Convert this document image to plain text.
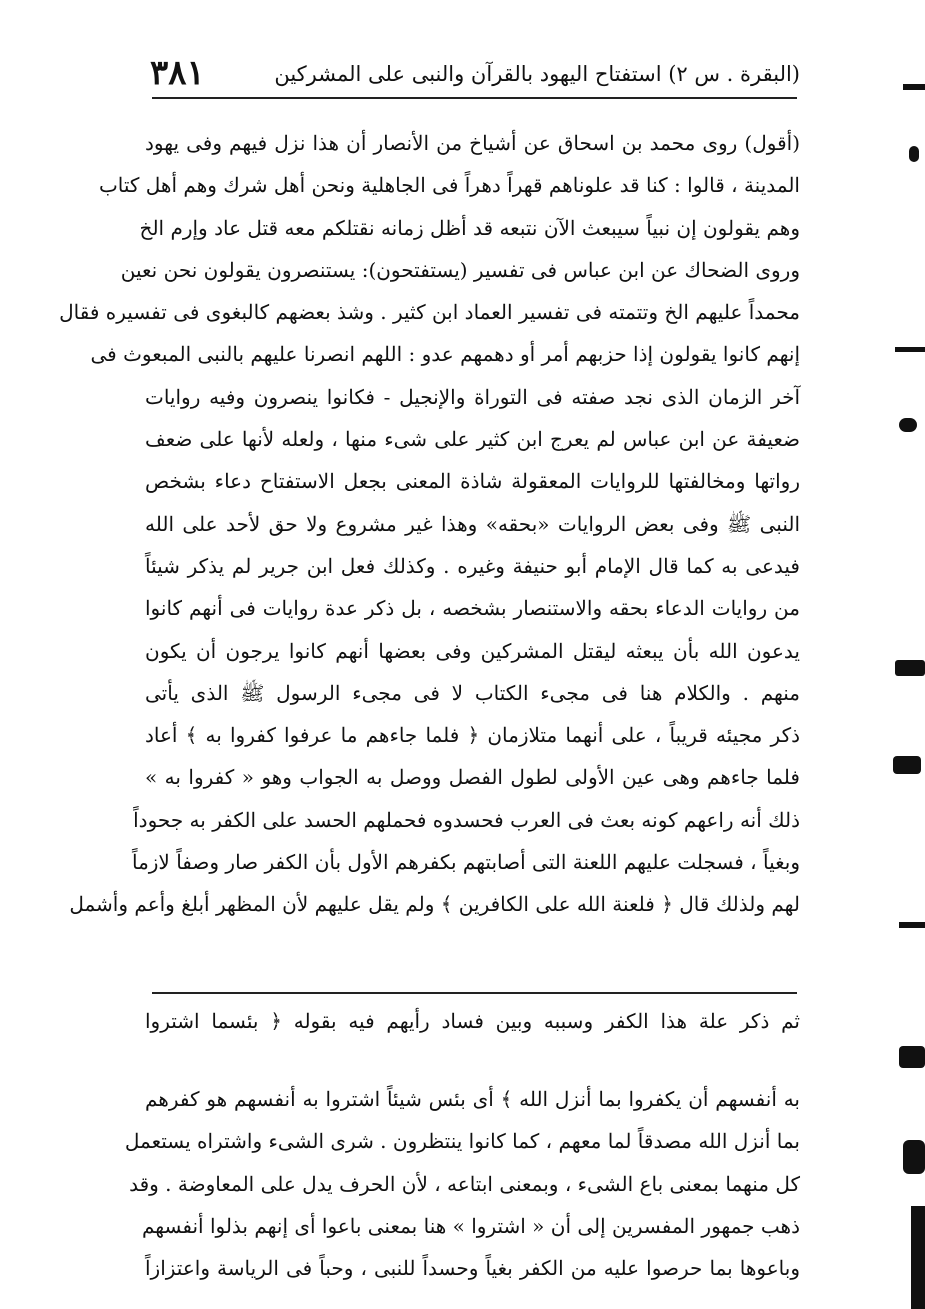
٣٨١	(البقرة . س ٢) استفتاح اليهود بالقرآن والنبى على المشركين
(أقول) روى محمد بن اسحاق عن أشياخ من الأنصار أن هذا نزل فيهم وفى يهود
المدينة ، قالوا : كنا قد علوناهم قهراً دهراً فى الجاهلية ونحن أهل شرك وهم أهل كتاب
وهم يقولون إن نبياً سيبعث الآن نتبعه قد أظل زمانه نقتلكم معه قتل عاد وإرم الخ
وروى الضحاك عن ابن عباس فى تفسير (يستفتحون): يستنصرون يقولون نحن نعين
محمداً عليهم الخ وتتمته فى تفسير العماد ابن كثير . وشذ بعضهم كالبغوى فى تفسيره فقال
إنهم كانوا يقولون إذا حزبهم أمر أو دهمهم عدو : اللهم انصرنا عليهم بالنبى المبعوث فى
آخر الزمان الذى نجد صفته فى التوراة والإنجيل - فكانوا ينصرون وفيه روايات
ضعيفة عن ابن عباس لم يعرج ابن كثير على شىء منها ، ولعله لأنها على ضعف
رواتها ومخالفتها للروايات المعقولة شاذة المعنى بجعل الاستفتاح دعاء بشخص
النبى ﷺ وفى بعض الروايات «بحقه» وهذا غير مشروع ولا حق لأحد على الله
فيدعى به كما قال الإمام أبو حنيفة وغيره . وكذلك فعل ابن جرير لم يذكر شيئاً
من روايات الدعاء بحقه والاستنصار بشخصه ، بل ذكر عدة روايات فى أنهم كانوا
يدعون الله بأن يبعثه ليقتل المشركين وفى بعضها أنهم كانوا يرجون أن يكون
منهم . والكلام هنا فى مجىء الكتاب لا فى مجىء الرسول ﷺ الذى يأتى
ذكر مجيئه قريباً ، على أنهما متلازمان ﴿ فلما جاءهم ما عرفوا كفروا به ﴾ أعاد
فلما جاءهم وهى عين الأولى لطول الفصل ووصل به الجواب وهو « كفروا به »
ذلك أنه راعهم كونه بعث فى العرب فحسدوه فحملهم الحسد على الكفر به جحوداً
وبغياً ، فسجلت عليهم اللعنة التى أصابتهم بكفرهم الأول بأن الكفر صار وصفاً لازماً
لهم ولذلك قال ﴿ فلعنة الله على الكافرين ﴾ ولم يقل عليهم لأن المظهر أبلغ وأعم وأشمل
ثم ذكر علة هذا الكفر وسببه وبين فساد رأيهم فيه بقوله ﴿ بئسما اشتروا
به أنفسهم أن يكفروا بما أنزل الله ﴾ أى بئس شيئاً اشتروا به أنفسهم هو كفرهم
بما أنزل الله مصدقاً لما معهم ، كما كانوا ينتظرون . شرى الشىء واشتراه يستعمل
كل منهما بمعنى باع الشىء ، وبمعنى ابتاعه ، لأن الحرف يدل على المعاوضة . وقد
ذهب جمهور المفسرين إلى أن « اشتروا » هنا بمعنى باعوا أى إنهم بذلوا أنفسهم
وباعوها بما حرصوا عليه من الكفر بغياً وحسداً للنبى ، وحباً فى الرياسة واعتزازاً
